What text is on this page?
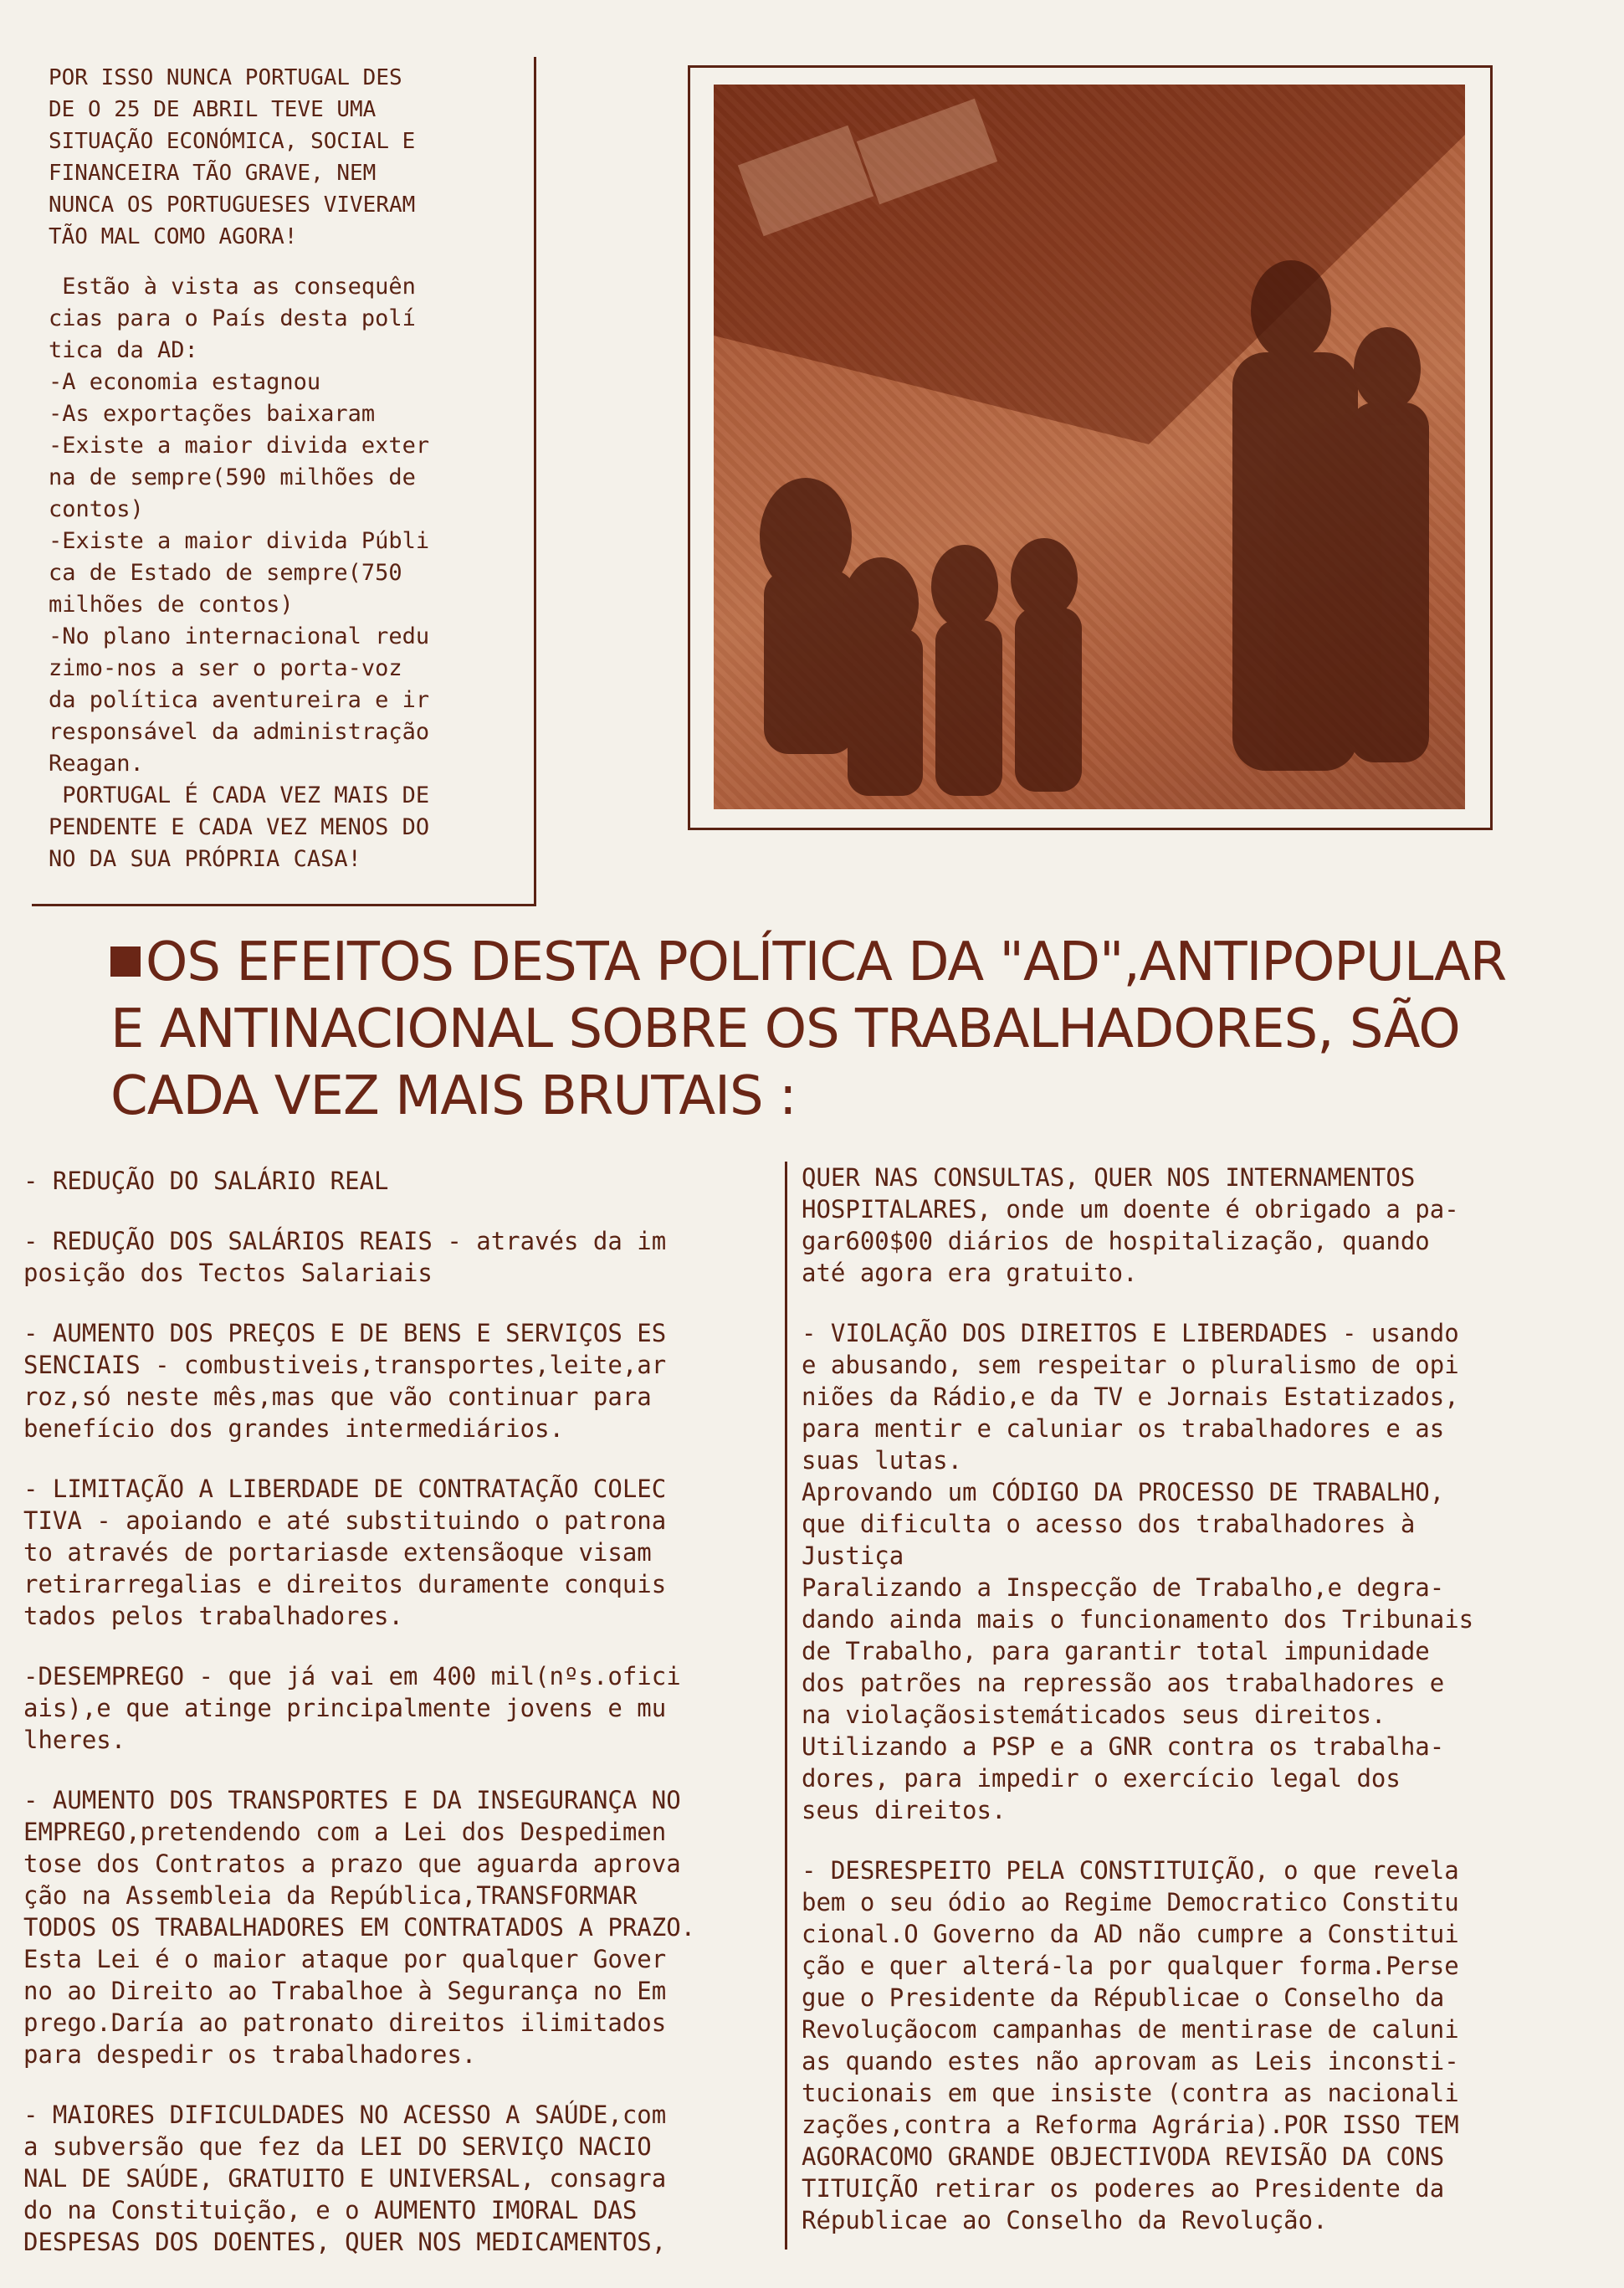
POR ISSO NUNCA PORTUGAL DES
DE O 25 DE ABRIL TEVE UMA
SITUAÇÃO ECONÓMICA, SOCIAL E
FINANCEIRA TÃO GRAVE, NEM
NUNCA OS PORTUGUESES VIVERAM
TÃO MAL COMO AGORA!
Estão à vista as consequên
cias para o País desta polí
tica da AD:
-A economia estagnou
-As exportações baixaram
-Existe a maior divida exter
na de sempre(590 milhões de
contos)
-Existe a maior divida Públi
ca de Estado de sempre(750
milhões de contos)
-No plano internacional redu
zimo-nos a ser o porta-voz
da política aventureira e ir
responsável da administração
Reagan.
PORTUGAL É CADA VEZ MAIS DE
PENDENTE E CADA VEZ MENOS DO
NO DA SUA PRÓPRIA CASA!
OS EFEITOS DESTA POLÍTICA DA "AD",ANTIPOPULAR
E ANTINACIONAL SOBRE OS TRABALHADORES, SÃO
CADA VEZ MAIS BRUTAIS :
- REDUÇÃO DO SALÁRIO REAL
- REDUÇÃO DOS SALÁRIOS REAIS - através da im
posição dos Tectos Salariais
- AUMENTO DOS PREÇOS E DE BENS E SERVIÇOS ES
SENCIAIS - combustiveis,transportes,leite,ar
roz,só neste mês,mas que vão continuar para
benefício dos grandes intermediários.
- LIMITAÇÃO A LIBERDADE DE CONTRATAÇÃO COLEC
TIVA - apoiando e até substituindo o patrona
to através de portariasde extensãoque visam
retirarregalias e direitos duramente conquis
tados pelos trabalhadores.
-DESEMPREGO - que já vai em 400 mil(nºs.ofici
ais),e que atinge principalmente jovens e mu
lheres.
- AUMENTO DOS TRANSPORTES E DA INSEGURANÇA NO
EMPREGO,pretendendo com a Lei dos Despedimen
tose dos Contratos a prazo que aguarda aprova
ção na Assembleia da República,TRANSFORMAR
TODOS OS TRABALHADORES EM CONTRATADOS A PRAZO.
Esta Lei é o maior ataque por qualquer Gover
no ao Direito ao Trabalhoe à Segurança no Em
prego.Daría ao patronato direitos ilimitados
para despedir os trabalhadores.
- MAIORES DIFICULDADES NO ACESSO A SAÚDE,com
a subversão que fez da LEI DO SERVIÇO NACIO
NAL DE SAÚDE, GRATUITO E UNIVERSAL, consagra
do na Constituição, e o AUMENTO IMORAL DAS
DESPESAS DOS DOENTES, QUER NOS MEDICAMENTOS,
QUER NAS CONSULTAS, QUER NOS INTERNAMENTOS
HOSPITALARES, onde um doente é obrigado a pa-
gar600$00 diários de hospitalização, quando
até agora era gratuito.
- VIOLAÇÃO DOS DIREITOS E LIBERDADES - usando
e abusando, sem respeitar o pluralismo de opi
niões da Rádio,e da TV e Jornais Estatizados,
para mentir e caluniar os trabalhadores e as
suas lutas.
Aprovando um CÓDIGO DA PROCESSO DE TRABALHO,
que dificulta o acesso dos trabalhadores à
Justiça
Paralizando a Inspecção de Trabalho,e degra-
dando ainda mais o funcionamento dos Tribunais
de Trabalho, para garantir total impunidade
dos patrões na repressão aos trabalhadores e
na violaçãosistemáticados seus direitos.
Utilizando a PSP e a GNR contra os trabalha-
dores, para impedir o exercício legal dos
seus direitos.
- DESRESPEITO PELA CONSTITUIÇÃO, o que revela
bem o seu ódio ao Regime Democratico Constitu
cional.O Governo da AD não cumpre a Constitui
ção e quer alterá-la por qualquer forma.Perse
gue o Presidente da Républicae o Conselho da
Revoluçãocom campanhas de mentirase de caluni
as quando estes não aprovam as Leis inconsti-
tucionais em que insiste (contra as nacionali
zações,contra a Reforma Agrária).POR ISSO TEM
AGORACOMO GRANDE OBJECTIVODA REVISÃO DA CONS
TITUIÇÃO retirar os poderes ao Presidente da
Républicae ao Conselho da Revolução.
